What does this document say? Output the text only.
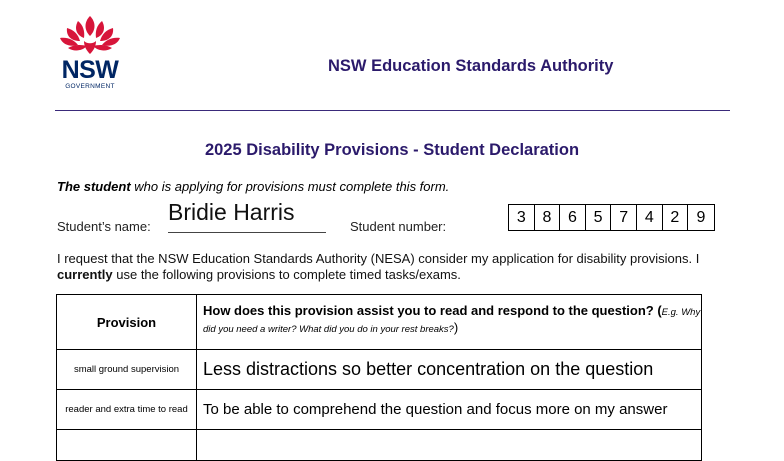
NSW
GOVERNMENT
NSW Education Standards Authority
2025 Disability Provisions - Student Declaration
The student who is applying for provisions must complete this form.
Student’s name:
Bridie Harris
Student number:
3	8	6	5	7	4	2	9
I request that the NSW Education Standards Authority (NESA) consider my application for disability provisions. I currently use the following provisions to complete timed tasks/exams.
Provision	How does this provision assist you to read and respond to the question? (E.g. Why did you need a writer? What did you do in your rest breaks?)
small ground supervision	Less distractions so better concentration on the question
reader and extra time to read	To be able to comprehend the question and focus more on my answer
